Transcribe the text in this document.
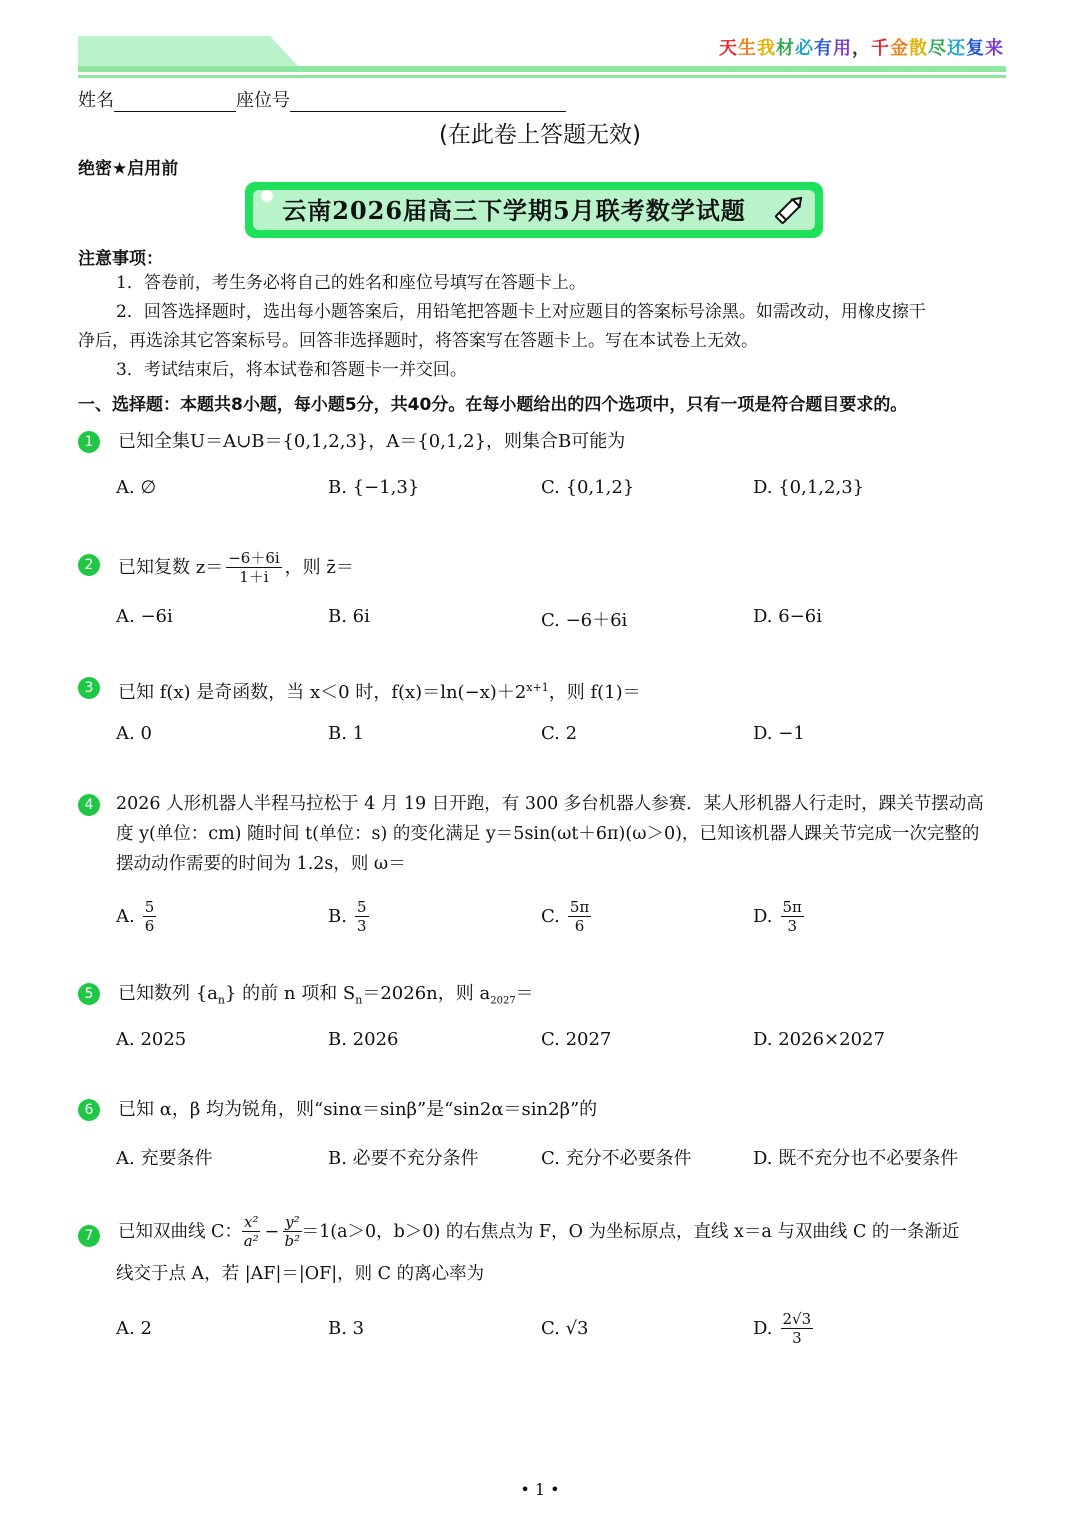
天生我材必有用，千金散尽还复来
姓名	座位号
(在此卷上答题无效)
绝密★启用前
云南2026届高三下学期5月联考数学试题
注意事项：
1．答卷前，考生务必将自己的姓名和座位号填写在答题卡上。
2．回答选择题时，选出每小题答案后，用铅笔把答题卡上对应题目的答案标号涂黑。如需改动，用橡皮擦干
净后，再选涂其它答案标号。回答非选择题时，将答案写在答题卡上。写在本试卷上无效。
3．考试结束后，将本试卷和答题卡一并交回。
一、选择题：本题共8小题，每小题5分，共40分。在每小题给出的四个选项中，只有一项是符合题目要求的。
1	已知全集U＝A∪B＝{0,1,2,3}，A＝{0,1,2}，则集合B可能为
A. ∅	B. {−1,3}	C. {0,1,2}	D. {0,1,2,3}
2	已知复数 $z= \frac{-6+6i}{1+i}$ ，则 z̄＝
A. −6i	B. 6i	C. −6＋6i	D. 6−6i
3	已知 f(x) 是奇函数，当 x＜0 时，$f(x)=\ln(-x)+2^{x+1}$，则 f(1)＝
A. 0	B. 1	C. 2	D. −1
4	2026 人形机器人半程马拉松于 4 月 19 日开跑，有 300 多台机器人参赛．某人形机器人行走时，踝关节摆动高
度 y(单位：cm) 随时间 t(单位：s) 的变化满足 y＝5sin(ωt＋6π)(ω＞0)，已知该机器人踝关节完成一次完整的
摆动动作需要的时间为 1.2s，则 ω＝
A. $\frac{5}{6}$	B. $\frac{5}{3}$	C. $\frac{5\pi}{6}$	D. $\frac{5\pi}{3}$
5	已知数列 $\{a_n\}$ 的前 n 项和 $S_n=2026n$，则 $a_{2027}=$
A. 2025	B. 2026	C. 2027	D. 2026×2027
6	已知 α，β 均为锐角，则“sinα＝sinβ”是“sin2α＝sin2β”的
A. 充要条件	B. 必要不充分条件	C. 充分不必要条件	D. 既不充分也不必要条件
7	已知双曲线 C： $\frac{\text{x²}}{\text{a²}} - \frac{\text{y²}}{\text{b²}} =1(a>0$，b＞0) 的右焦点为 F，O 为坐标原点，直线 x＝a 与双曲线 C 的一条渐近
线交于点 A，若 |AF|＝|OF|，则 C 的离心率为
A. 2	B. 3	C. √3	D. $\frac{2√3}{3}$
• 1 •
